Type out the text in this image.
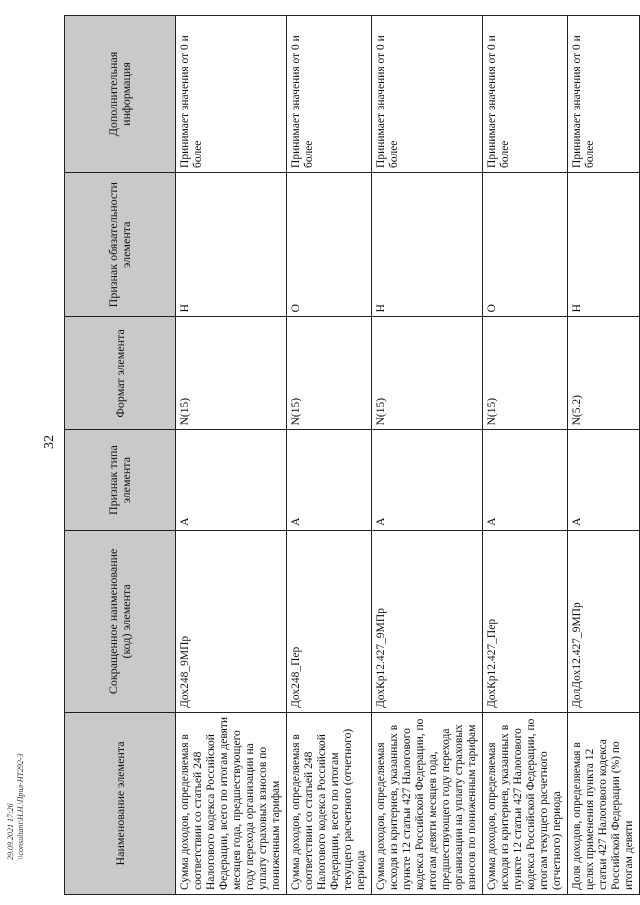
32
29.09.2021 17:26 \\consultant\Н.Н.\Прил-НТ292-3	Наименование элемента	Сокращенное наименование (код) элемента	Признак типа элемента	Формат элемента	Признак обязательности элемента	Дополнительная информация
Сумма доходов, определяемая в соответствии со статьей 248 Налогового кодекса Российской Федерации, всего по итогам девяти месяцев года, предшествующего году перехода организации на уплату страховых взносов по пониженным тарифам	Дох248_9МПр	А	N(15)	Н	Принимает значения от 0 и более
Сумма доходов, определяемая в соответствии со статьей 248 Налогового кодекса Российской Федерации, всего по итогам текущего расчетного (отчетного) периода	Дох248_Пер	А	N(15)	О	Принимает значения от 0 и более
Сумма доходов, определяемая исходя из критериев, указанных в пункте 12 статьи 427 Налогового кодекса Российской Федерации, по итогам девяти месяцев года, предшествующего году перехода организации на уплату страховых взносов по пониженным тарифам	ДохКр12.427_9МПр	А	N(15)	Н	Принимает значения от 0 и более
Сумма доходов, определяемая исходя из критериев, указанных в пункте 12 статьи 427 Налогового кодекса Российской Федерации, по итогам текущего расчетного (отчетного) периода	ДохКр12.427_Пер	А	N(15)	О	Принимает значения от 0 и более
Доля доходов, определяемая в целях применения пункта 12 статьи 427 Налогового кодекса Российской Федерации (%) по итогам девяти	ДолДох12.427_9МПр	А	N(5.2)	Н	Принимает значения от 0 и более
